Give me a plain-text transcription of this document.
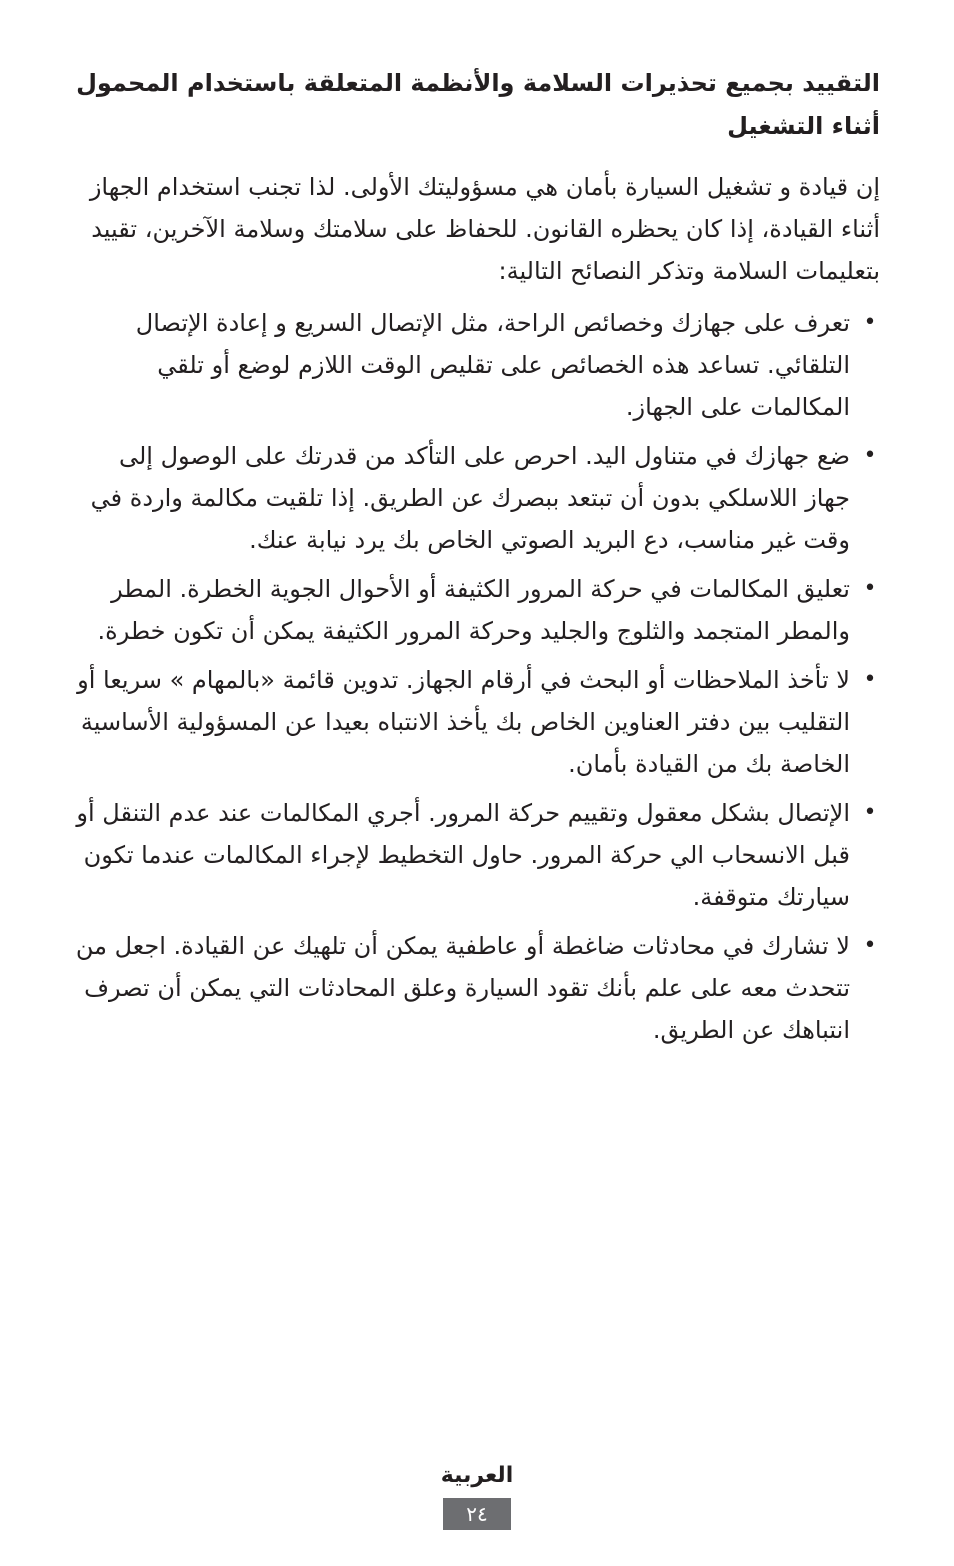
التقييد بجميع تحذيرات السلامة والأنظمة المتعلقة باستخدام المحمول أثناء التشغيل

إن قيادة و تشغيل السيارة بأمان هي مسؤوليتك الأولى. لذا تجنب استخدام الجهاز أثناء القيادة، إذا كان يحظره القانون. للحفاظ على سلامتك وسلامة الآخرين، تقييد بتعليمات السلامة وتذكر النصائح التالية:

•
تعرف على جهازك وخصائص الراحة، مثل الإتصال السريع و إعادة الإتصال التلقائي. تساعد هذه الخصائص على تقليص الوقت اللازم لوضع أو تلقي المكالمات على الجهاز.
•
ضع جهازك في متناول اليد. احرص على التأكد من قدرتك على الوصول إلى جهاز اللاسلكي بدون أن تبتعد ببصرك عن الطريق. إذا تلقيت مكالمة واردة في وقت غير مناسب، دع البريد الصوتي الخاص بك يرد نيابة عنك.
•
تعليق المكالمات في حركة المرور الكثيفة أو الأحوال الجوية الخطرة. المطر والمطر المتجمد والثلوج والجليد وحركة المرور الكثيفة يمكن أن تكون خطرة.
•
لا تأخذ الملاحظات أو البحث في أرقام الجهاز. تدوين قائمة «بالمهام » سريعا أو التقليب بين دفتر العناوين الخاص بك يأخذ الانتباه بعيدا عن المسؤولية الأساسية الخاصة بك من القيادة بأمان.
•
الإتصال بشكل معقول وتقييم حركة المرور. أجري المكالمات عند عدم التنقل أو قبل الانسحاب الي حركة المرور. حاول التخطيط لإجراء المكالمات عندما تكون سيارتك متوقفة.
•
لا تشارك في محادثات ضاغطة أو عاطفية يمكن أن تلهيك عن القيادة. اجعل من تتحدث معه على علم بأنك تقود السيارة وعلق المحادثات التي يمكن أن تصرف انتباهك عن الطريق.
العربية
٢٤
